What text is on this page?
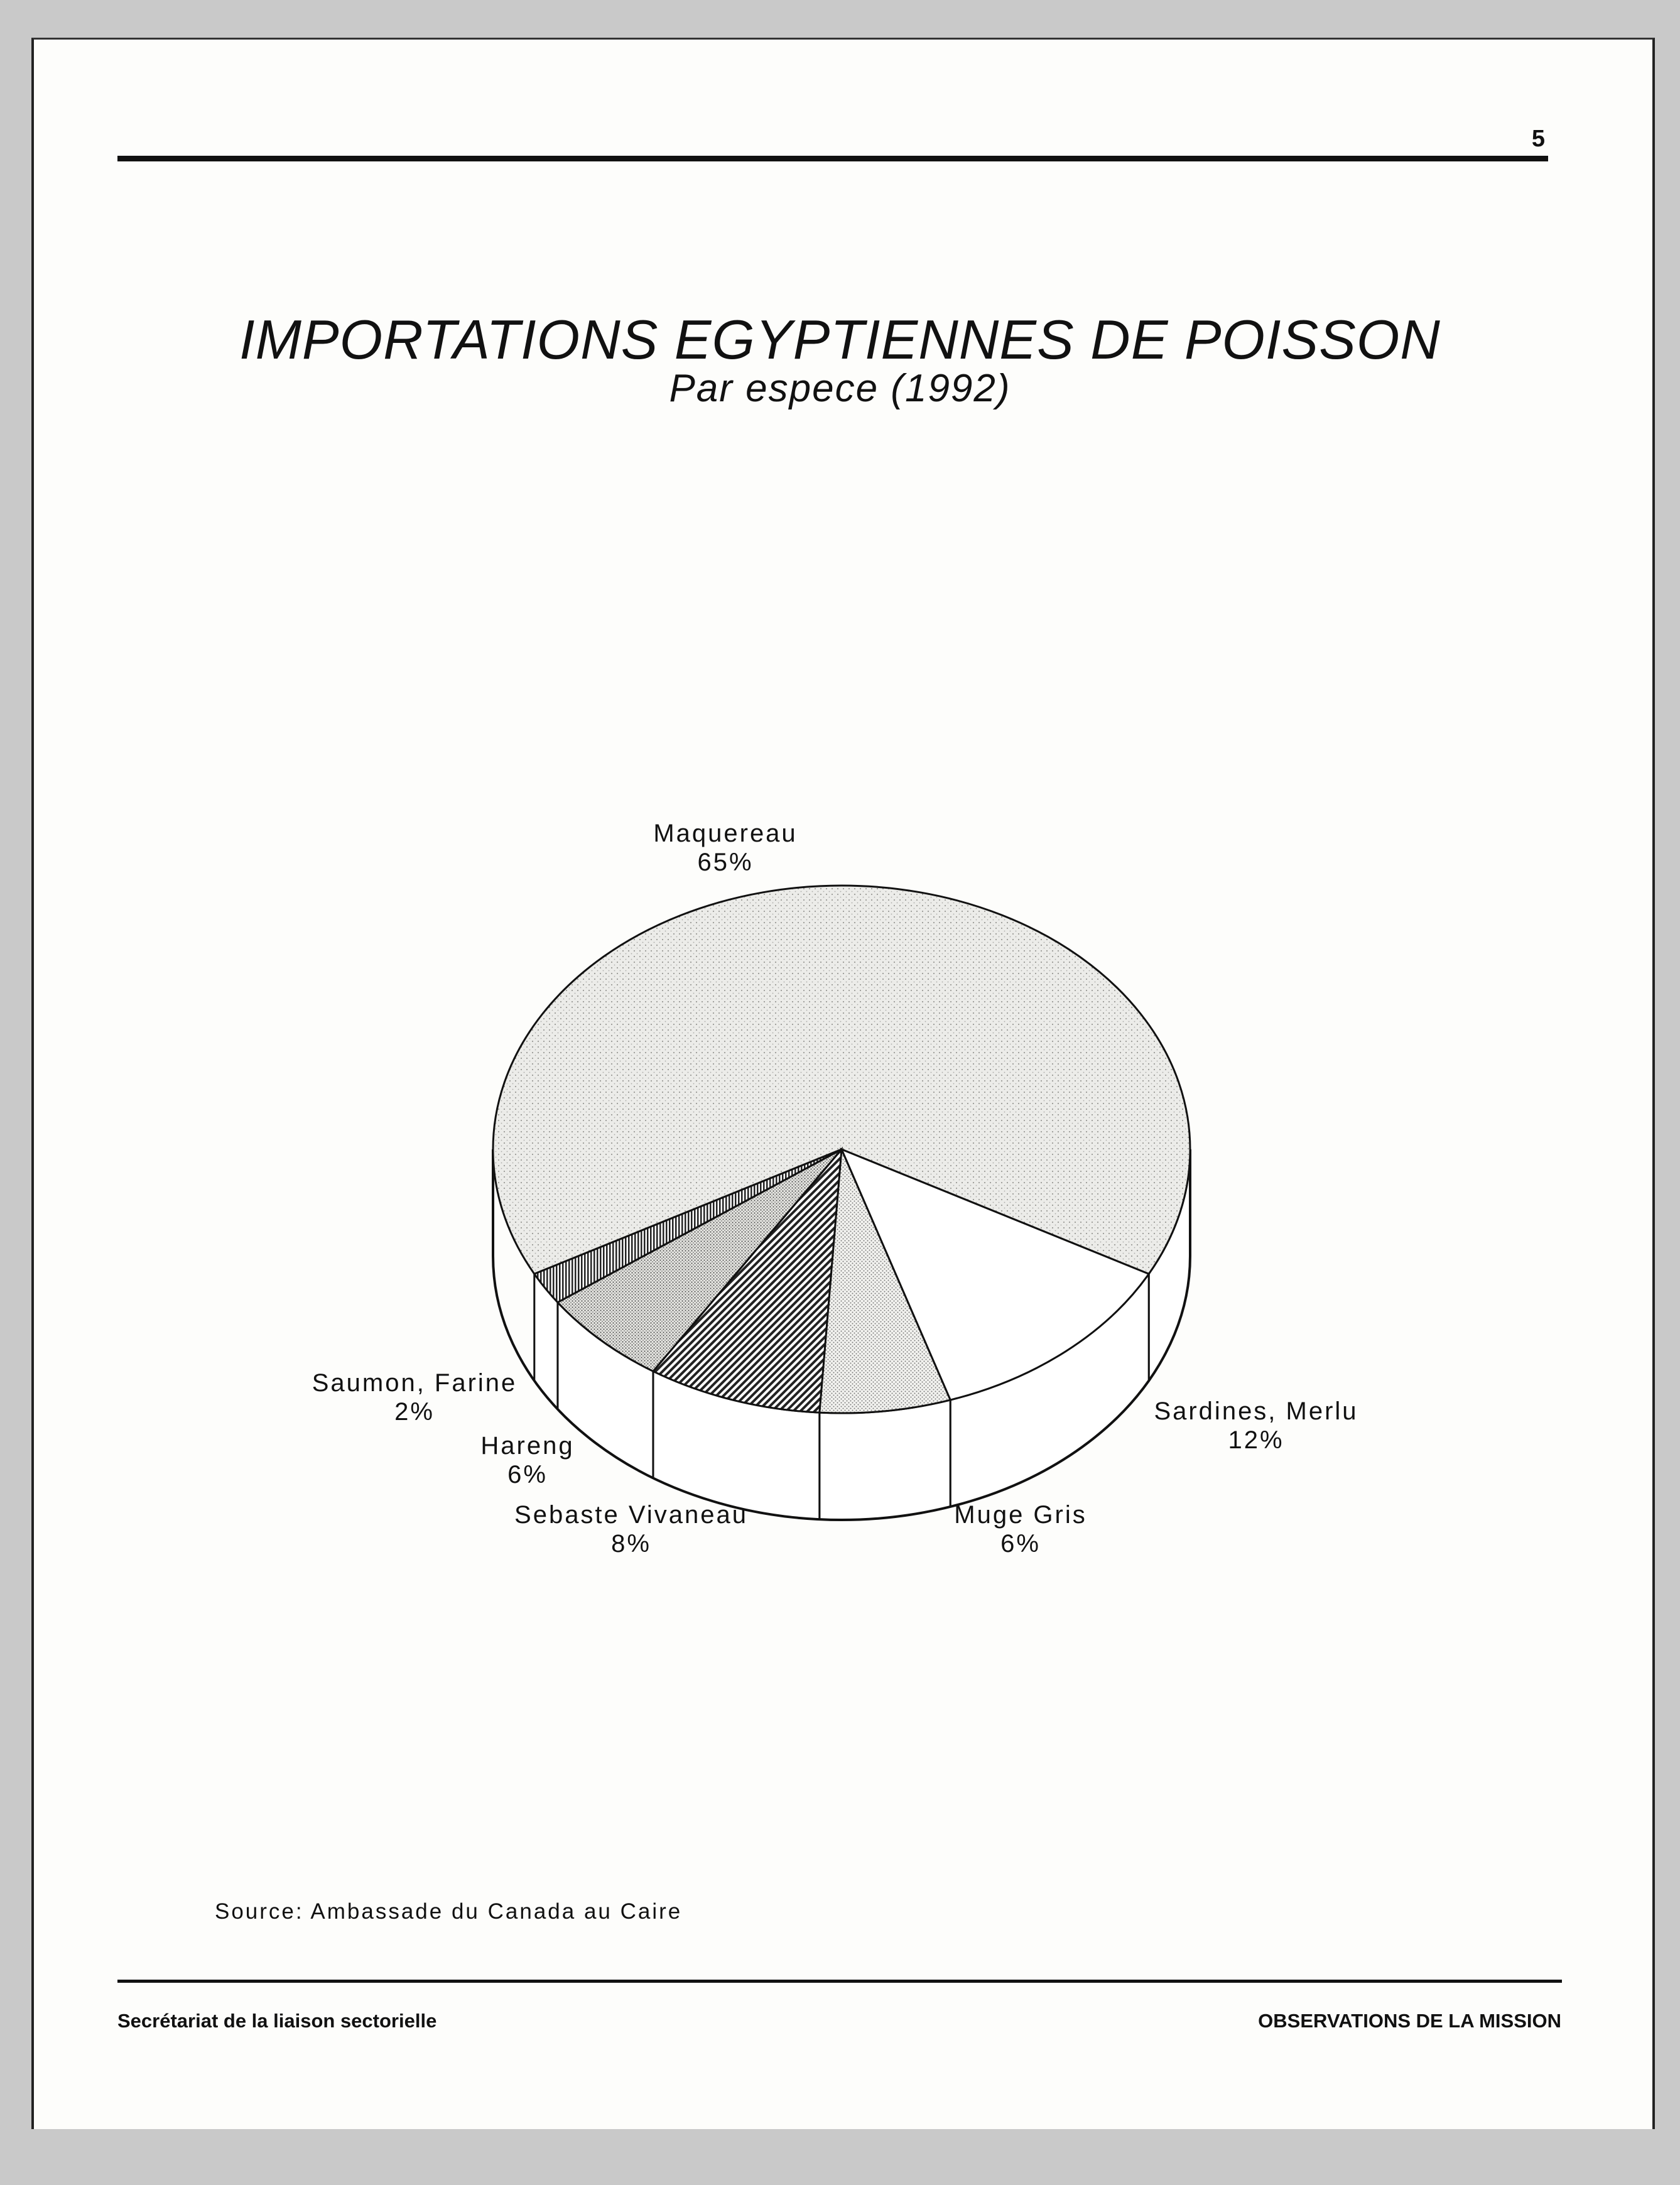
5
IMPORTATIONS EGYPTIENNES DE POISSON
Par espece (1992)
Maquereau
65%
Sardines, Merlu
12%
Muge Gris
6%
Sebaste Vivaneau
8%
Hareng
6%
Saumon, Farine
2%
Source: Ambassade du Canada au Caire
Secrétariat de la liaison sectorielle	OBSERVATIONS DE LA MISSION
